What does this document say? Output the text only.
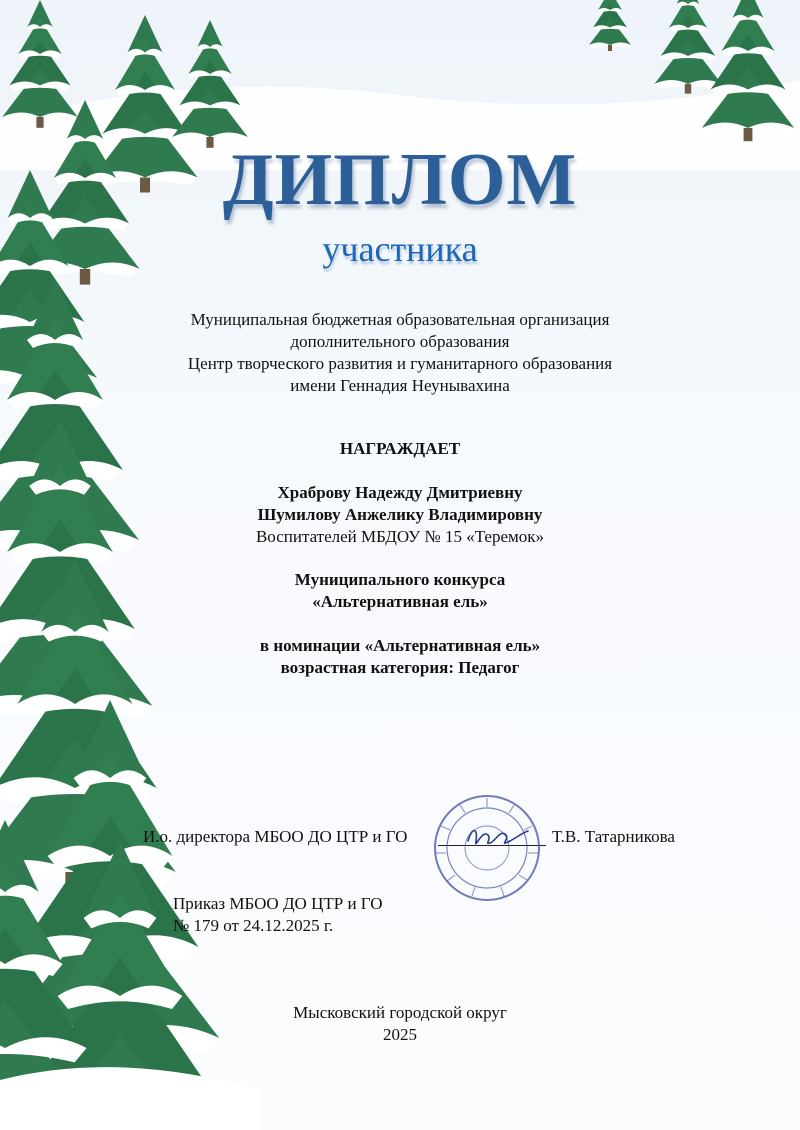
ДИПЛОМ
участника
Муниципальная бюджетная образовательная организация
дополнительного образования
Центр творческого развития и гуманитарного образования
имени Геннадия Неунывахина
НАГРАЖДАЕТ
Храброву Надежду Дмитриевну
Шумилову Анжелику Владимировну
Воспитателей МБДОУ № 15 «Теремок»
Муниципального конкурса
«Альтернативная ель»
в номинации «Альтернативная ель»
возрастная категория: Педагог
И.о. директора МБОО ДО ЦТР и ГО	Т.В. Татарникова
Приказ МБОО ДО ЦТР и ГО
№ 179 от 24.12.2025 г.
Мысковский городской округ
2025
